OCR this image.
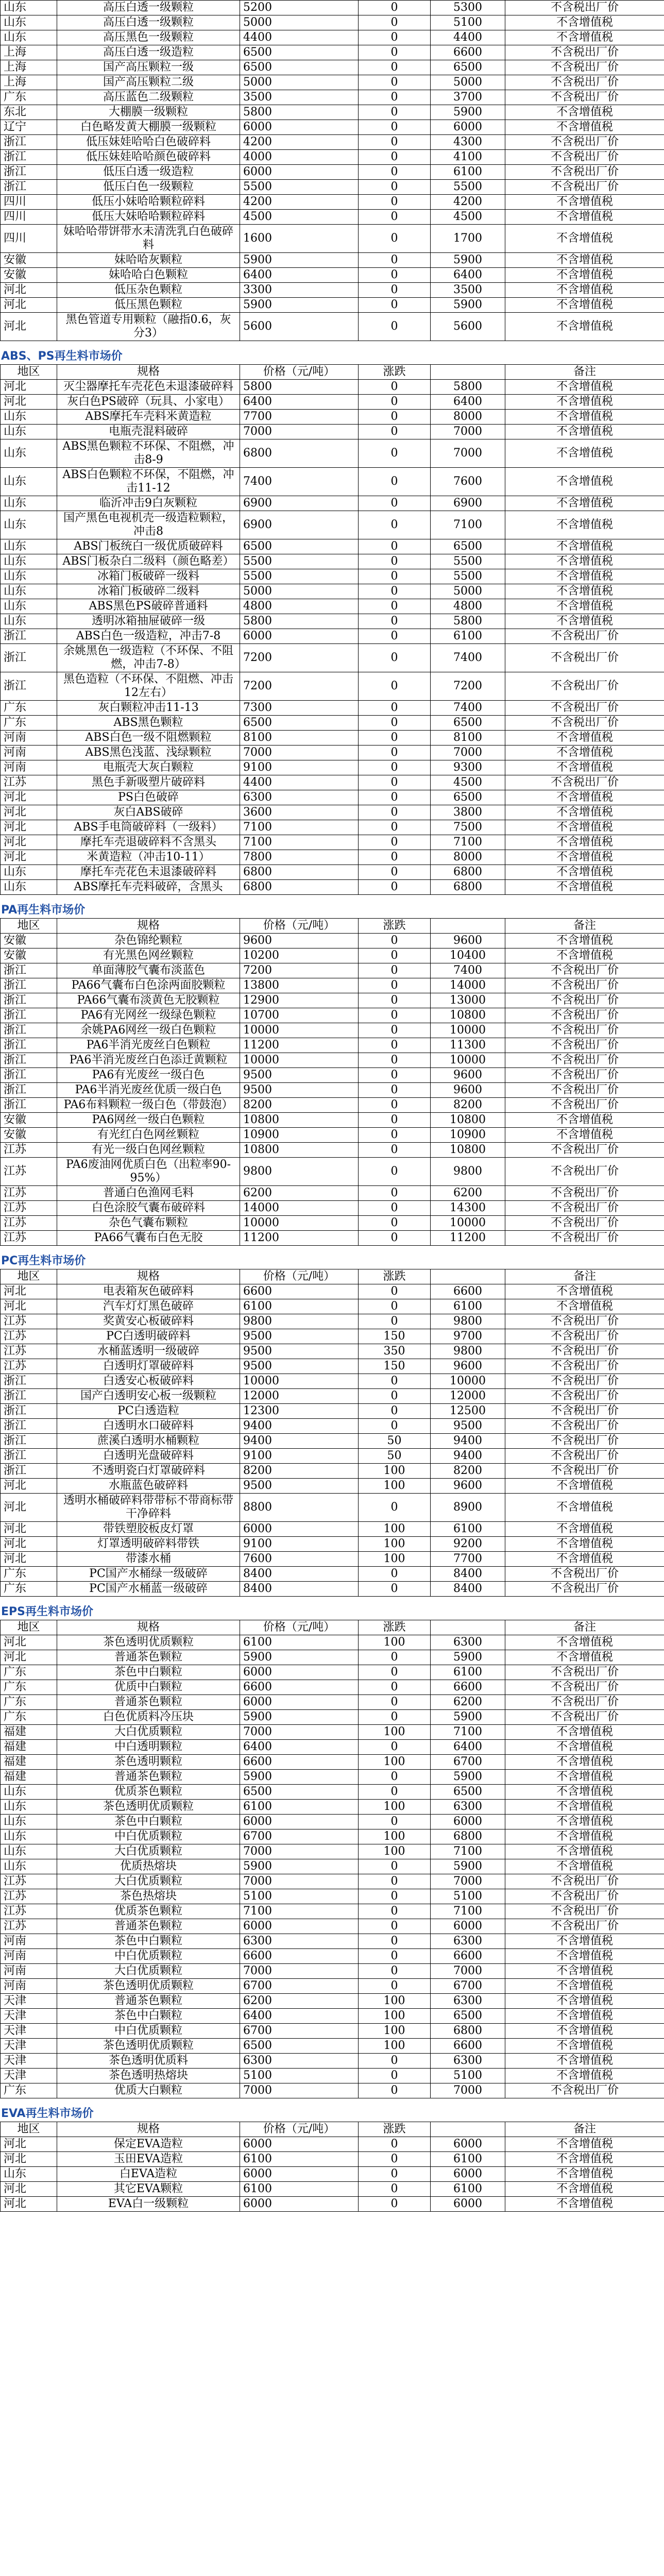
山东	高压白透一级颗粒	5200	0	5300	不含税出厂价
山东	高压白透一级颗粒	5000	0	5100	不含增值税
山东	高压黑色一级颗粒	4400	0	4400	不含增值税
上海	高压白透一级造粒	6500	0	6600	不含税出厂价
上海	国产高压颗粒一级	6500	0	6500	不含税出厂价
上海	国产高压颗粒二级	5000	0	5000	不含税出厂价
广东	高压蓝色二级颗粒	3500	0	3700	不含税出厂价
东北	大棚膜一级颗粒	5800	0	5900	不含增值税
辽宁	白色略发黄大棚膜一级颗粒	6000	0	6000	不含增值税
浙江	低压妹娃哈哈白色破碎料	4200	0	4300	不含税出厂价
浙江	低压妹娃哈哈颜色破碎料	4000	0	4100	不含税出厂价
浙江	低压白透一级造粒	6000	0	6100	不含税出厂价
浙江	低压白色一级颗粒	5500	0	5500	不含税出厂价
四川	低压小妹哈哈颗粒碎料	4200	0	4200	不含增值税
四川	低压大妹哈哈颗粒碎料	4500	0	4500	不含增值税
四川	妹哈哈带饼带水未清洗乳白色破碎料	1600	0	1700	不含增值税
安徽	妹哈哈灰颗粒	5900	0	5900	不含增值税
安徽	妹哈哈白色颗粒	6400	0	6400	不含增值税
河北	低压杂色颗粒	3300	0	3500	不含增值税
河北	低压黑色颗粒	5900	0	5900	不含增值税
河北	黑色管道专用颗粒（融指0.6，灰分3）	5600	0	5600	不含增值税
ABS、PS再生料市场价
地区	规格	价格（元/吨）	涨跌		备注
河北	灭尘器摩托车壳花色未退漆破碎料	5800	0	5800	不含增值税
河北	灰白色PS破碎（玩具、小家电）	6400	0	6400	不含增值税
山东	ABS摩托车壳料米黄造粒	7700	0	8000	不含增值税
山东	电瓶壳混料破碎	7000	0	7000	不含增值税
山东	ABS黑色颗粒不环保、不阻燃，冲击8-9	6800	0	7000	不含增值税
山东	ABS白色颗粒不环保，不阻燃，冲击11-12	7400	0	7600	不含增值税
山东	临沂冲击9白灰颗粒	6900	0	6900	不含增值税
山东	国产黑色电视机壳一级造粒颗粒，冲击8	6900	0	7100	不含增值税
山东	ABS门板统白一级优质破碎料	6500	0	6500	不含增值税
山东	ABS门板杂白二级料（颜色略差）	5500	0	5500	不含增值税
山东	冰箱门板破碎一级料	5500	0	5500	不含增值税
山东	冰箱门板破碎二级料	5000	0	5000	不含增值税
山东	ABS黑色PS破碎普通料	4800	0	4800	不含增值税
山东	透明冰箱抽屉破碎一级	5800	0	5800	不含增值税
浙江	ABS白色一级造粒，冲击7-8	6000	0	6100	不含税出厂价
浙江	余姚黑色一级造粒（不环保、不阻燃，冲击7-8）	7200	0	7400	不含税出厂价
浙江	黑色造粒（不环保、不阻燃、冲击12左右）	7200	0	7200	不含税出厂价
广东	灰白颗粒冲击11-13	7300	0	7400	不含税出厂价
广东	ABS黑色颗粒	6500	0	6500	不含税出厂价
河南	ABS白色一级不阻燃颗粒	8100	0	8100	不含增值税
河南	ABS黑色浅蓝、浅绿颗粒	7000	0	7000	不含增值税
河南	电瓶壳大灰白颗粒	9100	0	9300	不含增值税
江苏	黑色手新吸塑片破碎料	4400	0	4500	不含税出厂价
河北	PS白色破碎	6300	0	6500	不含增值税
河北	灰白ABS破碎	3600	0	3800	不含增值税
河北	ABS手电筒破碎料（一级料）	7100	0	7500	不含增值税
河北	摩托车壳退破碎料不含黑头	7100	0	7100	不含增值税
河北	米黄造粒（冲击10-11）	7800	0	8000	不含增值税
山东	摩托车壳花色未退漆破碎料	6800	0	6800	不含增值税
山东	ABS摩托车壳料破碎，含黑头	6800	0	6800	不含增值税
PA再生料市场价
地区	规格	价格（元/吨）	涨跌		备注
安徽	杂色锦纶颗粒	9600	0	9600	不含增值税
安徽	有光黑色网丝颗粒	10200	0	10400	不含增值税
浙江	单面薄胶气囊布淡蓝色	7200	0	7400	不含税出厂价
浙江	PA66气囊布白色涂两面胶颗粒	13800	0	14000	不含税出厂价
浙江	PA66气囊布淡黄色无胶颗粒	12900	0	13000	不含税出厂价
浙江	PA6有光网丝一级绿色颗粒	10700	0	10800	不含税出厂价
浙江	余姚PA6网丝一级白色颗粒	10000	0	10000	不含税出厂价
浙江	PA6半消光废丝白色颗粒	11200	0	11300	不含税出厂价
浙江	PA6半消光废丝白色添迁黄颗粒	10000	0	10000	不含税出厂价
浙江	PA6有光废丝一级白色	9500	0	9600	不含税出厂价
浙江	PA6半消光废丝优质一级白色	9500	0	9600	不含税出厂价
浙江	PA6布料颗粒一级白色（带鼓泡）	8200	0	8200	不含税出厂价
安徽	PA6网丝一级白色颗粒	10800	0	10800	不含增值税
安徽	有光红白色网丝颗粒	10900	0	10900	不含增值税
江苏	有光一级白色网丝颗粒	10800	0	10800	不含税出厂价
江苏	PA6废油网优质白色（出粒率90-95%）	9800	0	9800	不含税出厂价
江苏	普通白色渔网毛料	6200	0	6200	不含税出厂价
江苏	白色涂胶气囊布破碎料	14000	0	14300	不含税出厂价
江苏	杂色气囊布颗粒	10000	0	10000	不含税出厂价
江苏	PA66气囊布白色无胶	11200	0	11200	不含税出厂价
PC再生料市场价
地区	规格	价格（元/吨）	涨跌		备注
河北	电表箱灰色破碎料	6600	0	6600	不含增值税
河北	汽车灯灯黑色破碎	6100	0	6100	不含增值税
江苏	奖黄安心板破碎料	9800	0	9800	不含税出厂价
江苏	PC白透明破碎料	9500	150	9700	不含税出厂价
江苏	水桶蓝透明一级破碎	9500	350	9800	不含税出厂价
江苏	白透明灯罩破碎料	9500	150	9600	不含税出厂价
浙江	白透安心板破碎料	10000	0	10000	不含税出厂价
浙江	国产白透明安心板一级颗粒	12000	0	12000	不含税出厂价
浙江	PC白透造粒	12300	0	12500	不含税出厂价
浙江	白透明水口破碎料	9400	0	9500	不含税出厂价
浙江	蔗溪白透明水桶颗粒	9400	50	9400	不含税出厂价
浙江	白透明光盘破碎料	9100	50	9400	不含税出厂价
浙江	不透明瓷白灯罩破碎料	8200	100	8200	不含税出厂价
河北	水瓶蓝色破碎料	9500	100	9600	不含增值税
河北	透明水桶破碎料带带标不带商标带干净碎料	8800	0	8900	不含增值税
河北	带铁塑胶板皮灯罩	6000	100	6100	不含增值税
河北	灯罩透明破碎料带铁	9100	100	9200	不含增值税
河北	带漆水桶	7600	100	7700	不含增值税
广东	PC国产水桶绿一级破碎	8400	0	8400	不含税出厂价
广东	PC国产水桶蓝一级破碎	8400	0	8400	不含税出厂价
EPS再生料市场价
地区	规格	价格（元/吨）	涨跌		备注
河北	茶色透明优质颗粒	6100	100	6300	不含增值税
河北	普通茶色颗粒	5900	0	5900	不含增值税
广东	茶色中白颗粒	6000	0	6100	不含税出厂价
广东	优质中白颗粒	6600	0	6600	不含税出厂价
广东	普通茶色颗粒	6000	0	6200	不含税出厂价
广东	白色优质料冷压块	5900	0	5900	不含税出厂价
福建	大白优质颗粒	7000	100	7100	不含增值税
福建	中白透明颗粒	6400	0	6400	不含增值税
福建	茶色透明颗粒	6600	100	6700	不含增值税
福建	普通茶色颗粒	5900	0	5900	不含增值税
山东	优质茶色颗粒	6500	0	6500	不含增值税
山东	茶色透明优质颗粒	6100	100	6300	不含增值税
山东	茶色中白颗粒	6000	0	6000	不含增值税
山东	中白优质颗粒	6700	100	6800	不含增值税
山东	大白优质颗粒	7000	100	7100	不含增值税
山东	优质热熔块	5900	0	5900	不含增值税
江苏	大白优质颗粒	7000	0	7000	不含税出厂价
江苏	茶色热熔块	5100	0	5100	不含税出厂价
江苏	优质茶色颗粒	7100	0	7100	不含税出厂价
江苏	普通茶色颗粒	6000	0	6000	不含税出厂价
河南	茶色中白颗粒	6300	0	6300	不含增值税
河南	中白优质颗粒	6600	0	6600	不含增值税
河南	大白优质颗粒	7000	0	7000	不含增值税
河南	茶色透明优质颗粒	6700	0	6700	不含增值税
天津	普通茶色颗粒	6200	100	6300	不含增值税
天津	茶色中白颗粒	6400	100	6500	不含增值税
天津	中白优质颗粒	6700	100	6800	不含增值税
天津	茶色透明优质颗粒	6500	100	6600	不含增值税
天津	茶色透明优质料	6300	0	6300	不含增值税
天津	茶色透明热熔块	5100	0	5100	不含增值税
广东	优质大白颗粒	7000	0	7000	不含税出厂价
EVA再生料市场价
地区	规格	价格（元/吨）	涨跌		备注
河北	保定EVA造粒	6000	0	6000	不含增值税
河北	玉田EVA造粒	6100	0	6100	不含增值税
山东	白EVA造粒	6000	0	6000	不含增值税
河北	其它EVA颗粒	6100	0	6100	不含增值税
河北	EVA白一级颗粒	6000	0	6000	不含增值税
